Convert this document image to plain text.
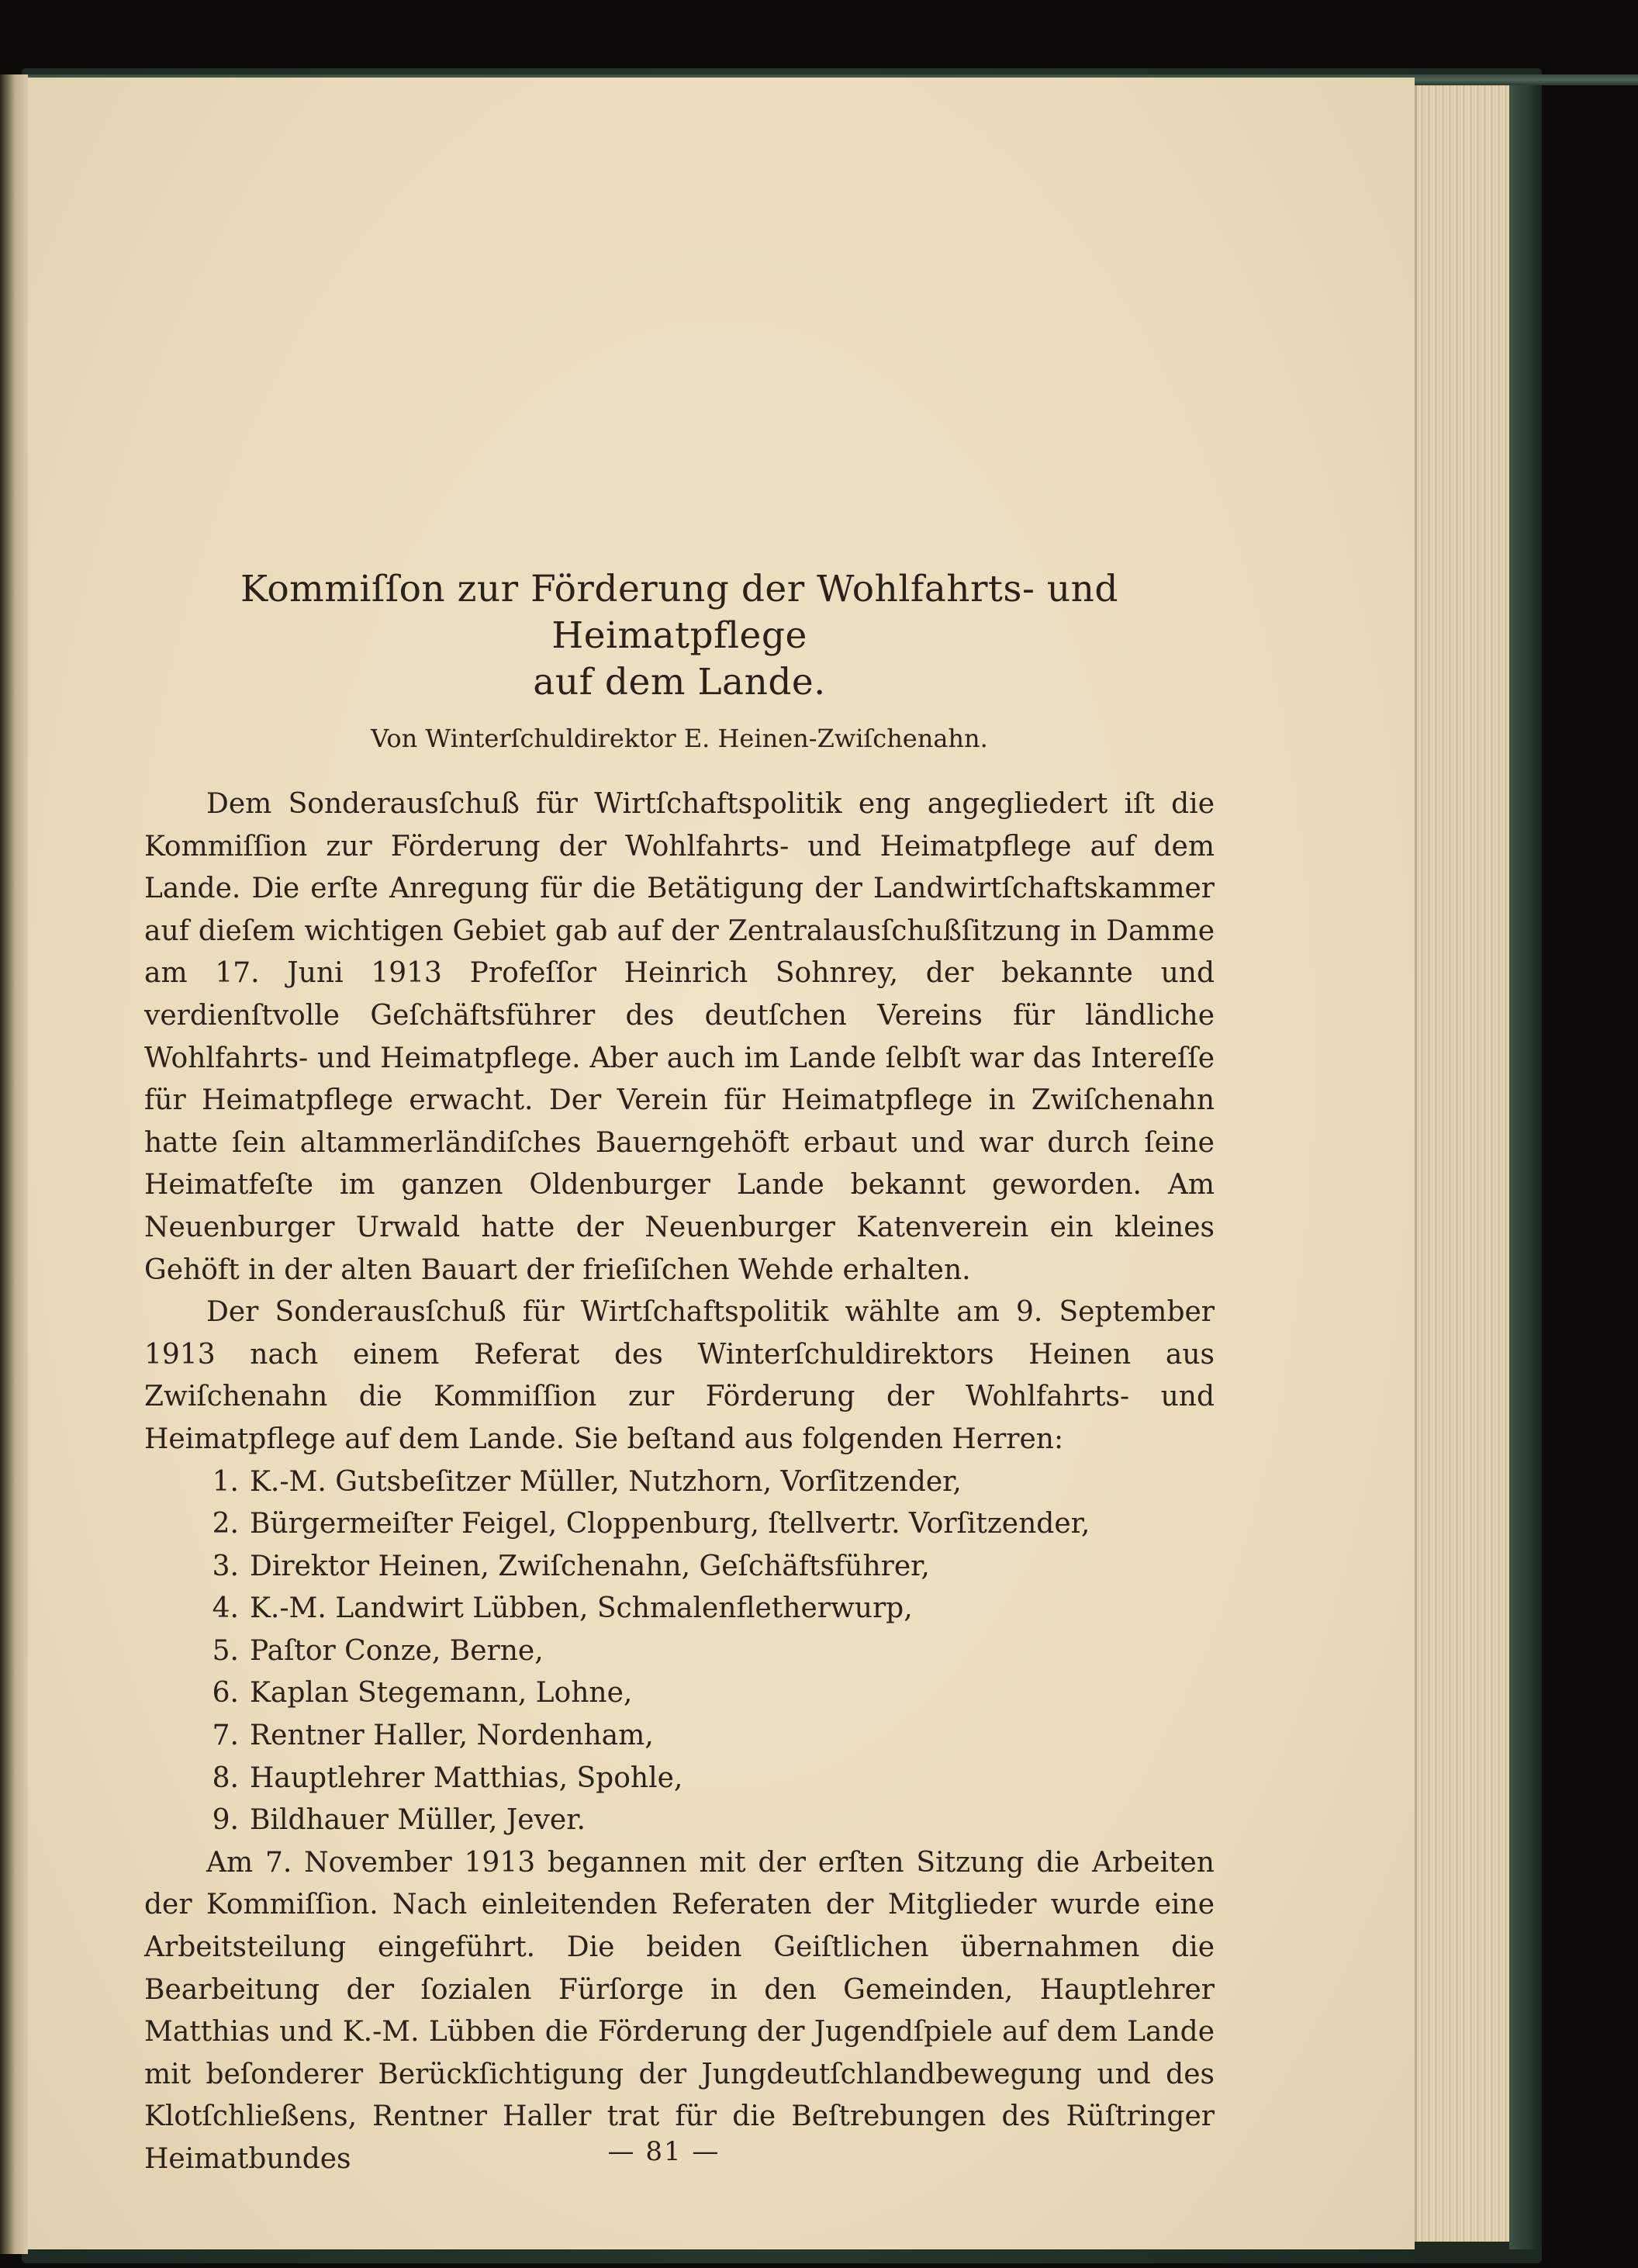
Kommiſſon zur Förderung der Wohlfahrts- und Heimatpflege
auf dem Lande.
Von Winterſchuldirektor E. Heinen-Zwiſchenahn.

Dem Sonderausſchuß für Wirtſchaftspolitik eng angegliedert iſt die Kommiſſion zur Förderung der Wohlfahrts- und Heimatpflege auf dem Lande. Die erſte Anregung für die Betätigung der Landwirtſchaftskammer auf dieſem wichtigen Gebiet gab auf der Zentralausſchußſitzung in Damme am 17. Juni 1913 Profeſſor Heinrich Sohnrey, der bekannte und verdienſtvolle Geſchäftsführer des deutſchen Vereins für ländliche Wohlfahrts- und Heimatpflege. Aber auch im Lande ſelbſt war das Intereſſe für Heimatpflege erwacht. Der Verein für Heimatpflege in Zwiſchenahn hatte ſein altammerländiſches Bauerngehöft erbaut und war durch ſeine Heimatfeſte im ganzen Oldenburger Lande bekannt geworden. Am Neuenburger Urwald hatte der Neuenburger Katenverein ein kleines Gehöft in der alten Bauart der frieſiſchen Wehde erhalten.

Der Sonderausſchuß für Wirtſchaftspolitik wählte am 9. September 1913 nach einem Referat des Winterſchuldirektors Heinen aus Zwiſchenahn die Kommiſſion zur Förderung der Wohlfahrts- und Heimatpflege auf dem Lande. Sie beſtand aus folgenden Herren:

1. K.-M. Gutsbeſitzer Müller, Nutzhorn, Vorſitzender,
2. Bürgermeiſter Feigel, Cloppenburg, ſtellvertr. Vorſitzender,
3. Direktor Heinen, Zwiſchenahn, Geſchäftsführer,
4. K.-M. Landwirt Lübben, Schmalenfletherwurp,
5. Paſtor Conze, Berne,
6. Kaplan Stegemann, Lohne,
7. Rentner Haller, Nordenham,
8. Hauptlehrer Matthias, Spohle,
9. Bildhauer Müller, Jever.

Am 7. November 1913 begannen mit der erſten Sitzung die Arbeiten der Kommiſſion. Nach einleitenden Referaten der Mitglieder wurde eine Arbeitsteilung eingeführt. Die beiden Geiſtlichen übernahmen die Bearbeitung der ſozialen Fürſorge in den Gemeinden, Hauptlehrer Matthias und K.-M. Lübben die Förderung der Jugendſpiele auf dem Lande mit beſonderer Berückſichtigung der Jungdeutſchlandbewegung und des Klotſchließens, Rentner Haller trat für die Beſtrebungen des Rüſtringer Heimatbundes	— 81 —
